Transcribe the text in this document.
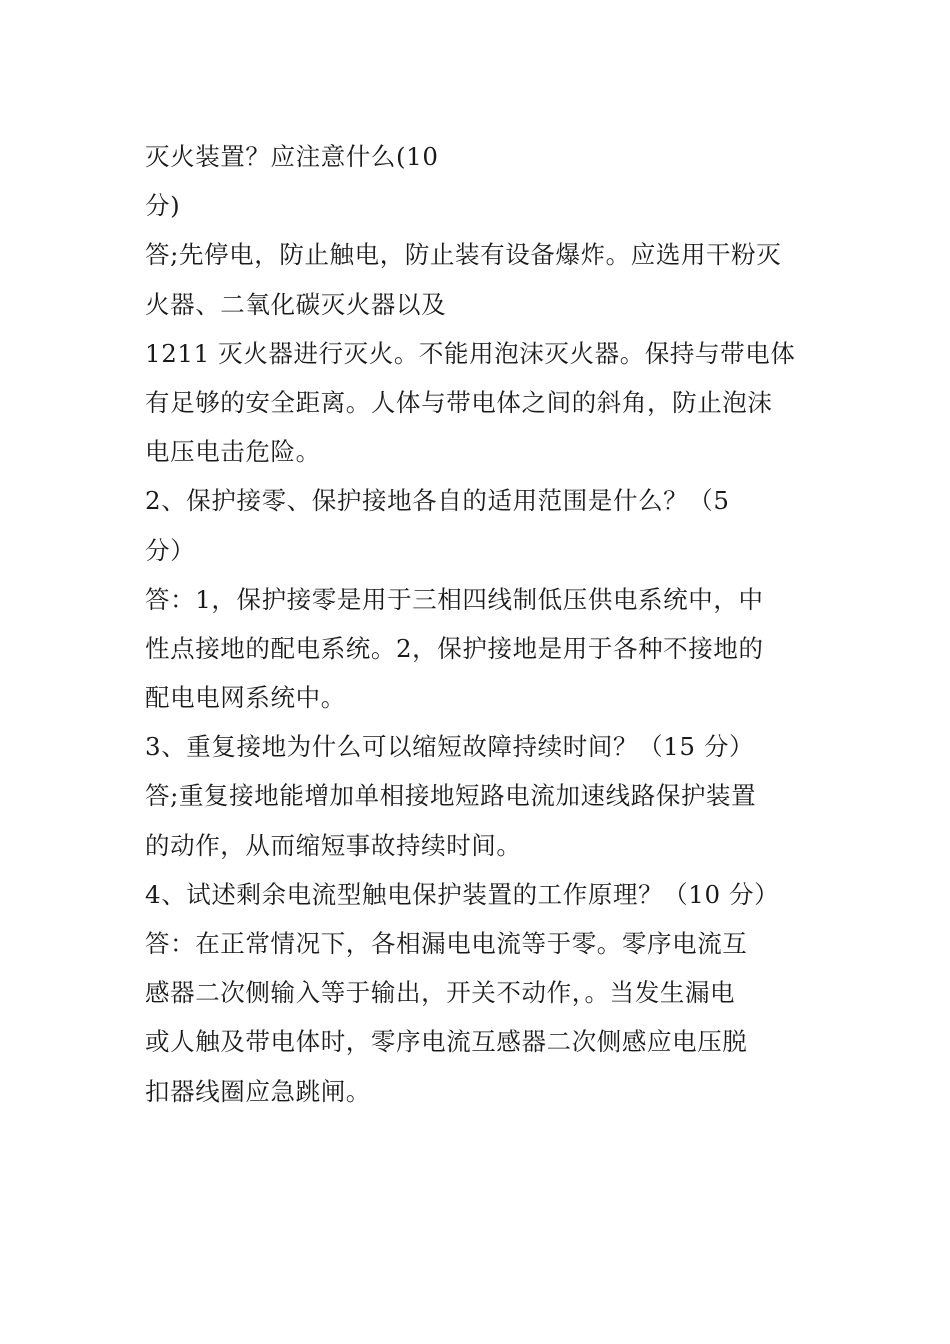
灭火装置？应注意什么(10
分)
答;先停电，防止触电，防止装有设备爆炸。应选用干粉灭
火器、二氧化碳灭火器以及
1211 灭火器进行灭火。不能用泡沫灭火器。保持与带电体
有足够的安全距离。人体与带电体之间的斜角，防止泡沫
电压电击危险。
2、保护接零、保护接地各自的适用范围是什么？（5
分）
答：1，保护接零是用于三相四线制低压供电系统中，中
性点接地的配电系统。2，保护接地是用于各种不接地的
配电电网系统中。
3、重复接地为什么可以缩短故障持续时间？（15 分）
答;重复接地能增加单相接地短路电流加速线路保护装置
的动作，从而缩短事故持续时间。
4、试述剩余电流型触电保护装置的工作原理？（10 分）
答：在正常情况下，各相漏电电流等于零。零序电流互
感器二次侧输入等于输出，开关不动作，。当发生漏电
或人触及带电体时，零序电流互感器二次侧感应电压脱
扣器线圈应急跳闸。
